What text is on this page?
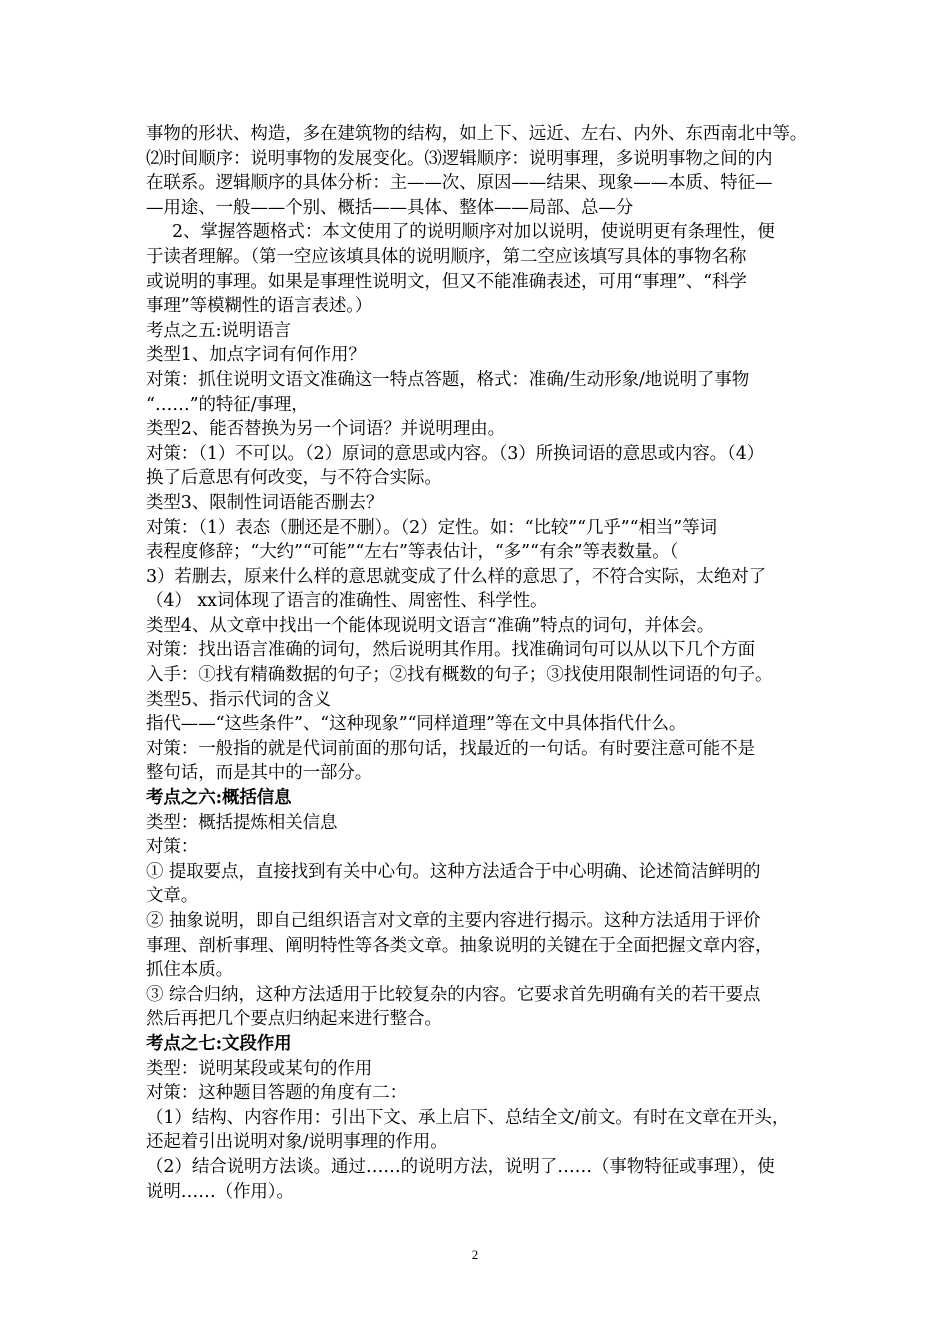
事物的形状、构造，多在建筑物的结构，如上下、远近、左右、内外、东西南北中等。
⑵时间顺序：说明事物的发展变化。⑶逻辑顺序：说明事理，多说明事物之间的内
在联系。逻辑顺序的具体分析：主——次、原因——结果、现象——本质、特征—
—用途、一般——个别、概括——具体、整体——局部、总—分
2、掌握答题格式：本文使用了的说明顺序对加以说明，使说明更有条理性，便
于读者理解。（第一空应该填具体的说明顺序，第二空应该填写具体的事物名称
或说明的事理。如果是事理性说明文，但又不能准确表述，可用“事理”、“科学
事理”等模糊性的语言表述。）
考点之五:说明语言
类型1、加点字词有何作用？
对策：抓住说明文语文准确这一特点答题，格式：准确/生动形象/地说明了事物
“……”的特征/事理，
类型2、能否替换为另一个词语？并说明理由。
对策：（1）不可以。（2）原词的意思或内容。（3）所换词语的意思或内容。（4）
换了后意思有何改变，与不符合实际。
类型3、限制性词语能否删去？
对策：（1）表态（删还是不删）。（2）定性。如：“比较”“几乎”“相当”等词
表程度修辞；“大约”“可能”“左右”等表估计，“多”“有余”等表数量。（
3）若删去，原来什么样的意思就变成了什么样的意思了，不符合实际，太绝对了
（4） xx词体现了语言的准确性、周密性、科学性。
类型4、从文章中找出一个能体现说明文语言“准确”特点的词句，并体会。
对策：找出语言准确的词句，然后说明其作用。找准确词句可以从以下几个方面
入手：①找有精确数据的句子；②找有概数的句子；③找使用限制性词语的句子。
类型5、指示代词的含义
指代——“这些条件”、“这种现象”“同样道理”等在文中具体指代什么。
对策：一般指的就是代词前面的那句话，找最近的一句话。有时要注意可能不是
整句话，而是其中的一部分。
考点之六:概括信息
类型：概括提炼相关信息
对策：
① 提取要点，直接找到有关中心句。这种方法适合于中心明确、论述简洁鲜明的
文章。
② 抽象说明，即自己组织语言对文章的主要内容进行揭示。这种方法适用于评价
事理、剖析事理、阐明特性等各类文章。抽象说明的关键在于全面把握文章内容，
抓住本质。
③ 综合归纳，这种方法适用于比较复杂的内容。它要求首先明确有关的若干要点
然后再把几个要点归纳起来进行整合。
考点之七:文段作用
类型：说明某段或某句的作用
对策：这种题目答题的角度有二：
（1）结构、内容作用：引出下文、承上启下、总结全文/前文。有时在文章在开头，
还起着引出说明对象/说明事理的作用。
（2）结合说明方法谈。通过……的说明方法，说明了……（事物特征或事理），使
说明……（作用）。
2
